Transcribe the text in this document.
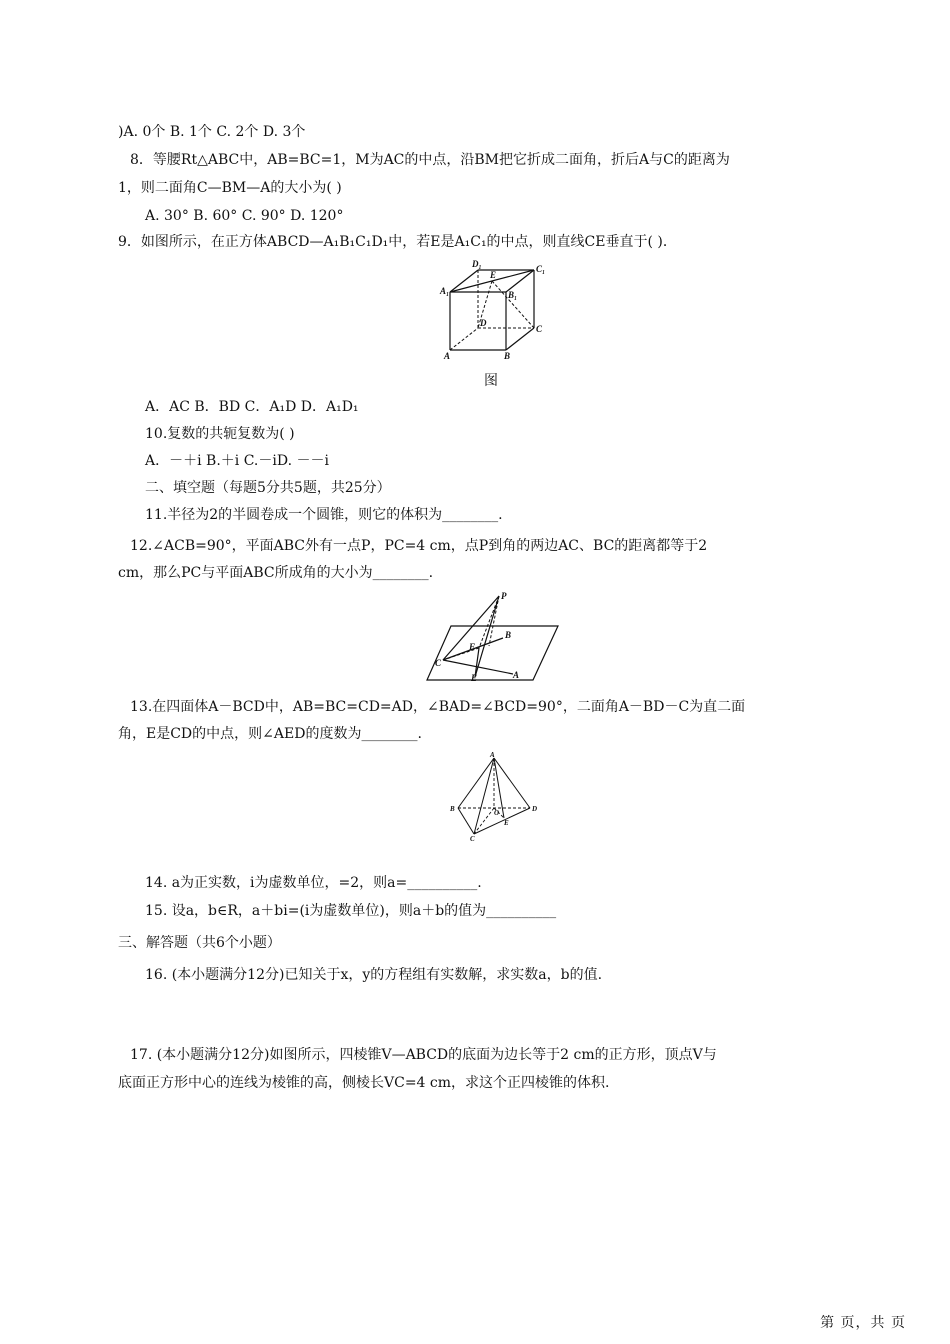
)A. 0个 B. 1个 C. 2个 D. 3个
8．等腰Rt△ABC中，AB=BC=1，M为AC的中点，沿BM把它折成二面角，折后A与C的距离为
1，则二面角C—BM—A的大小为( )
A. 30° B. 60° C. 90° D. 120°
9．如图所示，在正方体ABCD—A₁B₁C₁D₁中，若E是A₁C₁的中点，则直线CE垂直于( )．
A₁
D₁	C₁
B₁
E
D
C
A	B
图
A．AC B．BD C．A₁D D．A₁D₁
10.复数的共轭复数为( )
A．－＋i B.＋i C.－iD. －－i
二、填空题（每题5分共5题，共25分）
11.半径为2的半圆卷成一个圆锥，则它的体积为________.
12.∠ACB=90°，平面ABC外有一点P，PC=4 cm，点P到角的两边AC、BC的距离都等于2
cm，那么PC与平面ABC所成角的大小为________.
P
B
F
C
E	A
13.在四面体A－BCD中，AB=BC=CD=AD，∠BAD=∠BCD=90°，二面角A－BD－C为直二面
角，E是CD的中点，则∠AED的度数为________.
A
B	D
O
E
C
14. a为正实数，i为虚数单位，=2，则a=__________.
15. 设a，b∈R，a＋bi=(i为虚数单位)，则a＋b的值为__________
三、解答题（共6个小题）
16. (本小题满分12分)已知关于x，y的方程组有实数解，求实数a，b的值.
17. (本小题满分12分)如图所示，四棱锥V—ABCD的底面为边长等于2 cm的正方形，顶点V与
底面正方形中心的连线为棱锥的高，侧棱长VC=4 cm，求这个正四棱锥的体积.
第 页，共 页
